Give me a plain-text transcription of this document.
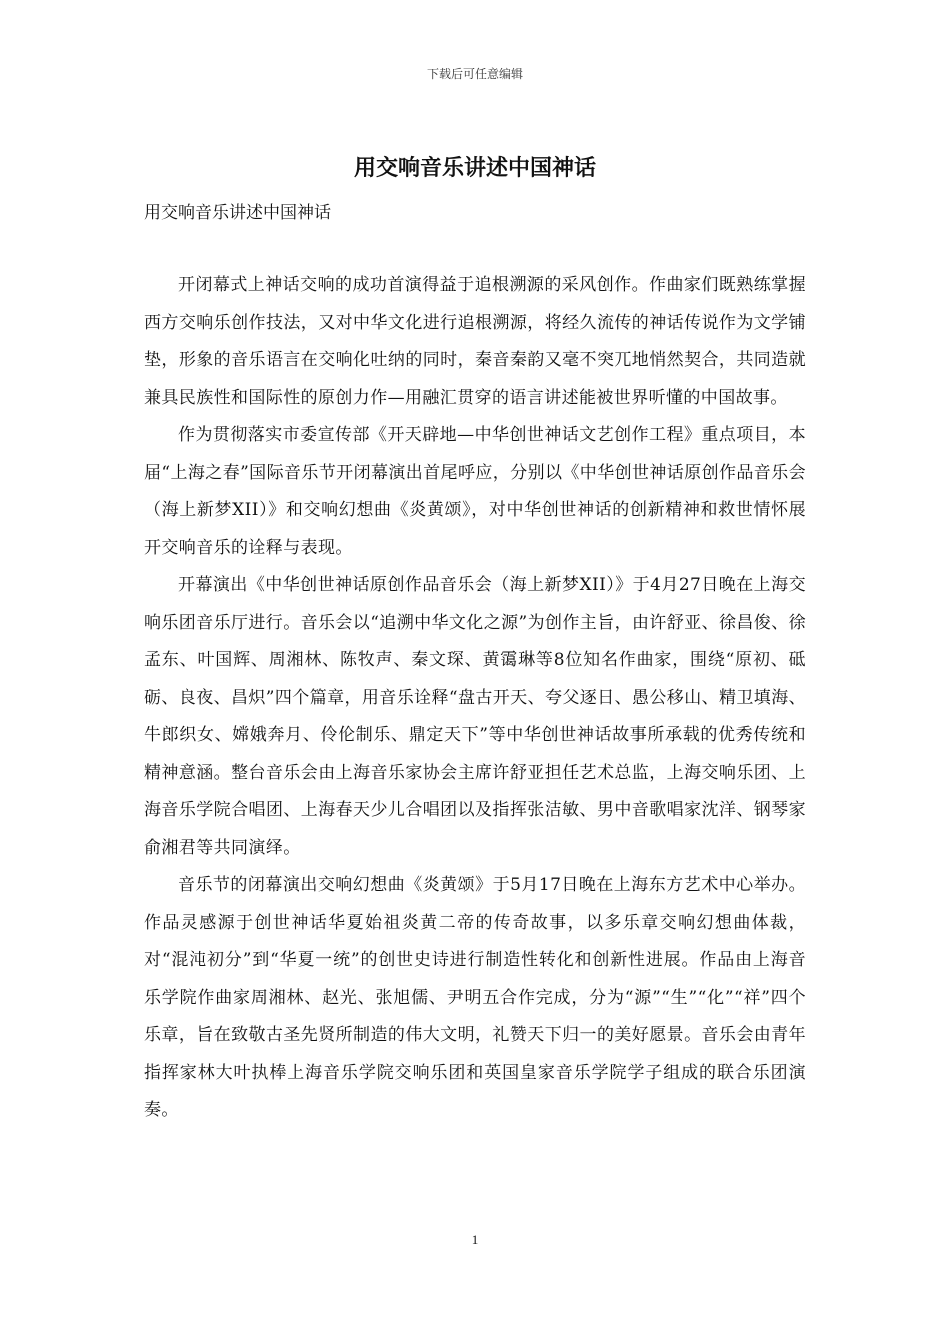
下载后可任意编辑
用交响音乐讲述中国神话
用交响音乐讲述中国神话

开闭幕式上神话交响的成功首演得益于追根溯源的采风创作。作曲家们既熟练掌握西方交响乐创作技法，又对中华文化进行追根溯源，将经久流传的神话传说作为文学铺垫，形象的音乐语言在交响化吐纳的同时，秦音秦韵又毫不突兀地悄然契合，共同造就兼具民族性和国际性的原创力作—用融汇贯穿的语言讲述能被世界听懂的中国故事。

作为贯彻落实市委宣传部《开天辟地—中华创世神话文艺创作工程》重点项目，本届“上海之春”国际音乐节开闭幕演出首尾呼应，分别以《中华创世神话原创作品音乐会（海上新梦XII）》和交响幻想曲《炎黄颂》，对中华创世神话的创新精神和救世情怀展开交响音乐的诠释与表现。

开幕演出《中华创世神话原创作品音乐会（海上新梦XII）》于4月27日晚在上海交响乐团音乐厅进行。音乐会以“追溯中华文化之源”为创作主旨，由许舒亚、徐昌俊、徐孟东、叶国辉、周湘林、陈牧声、秦文琛、黄霭琳等8位知名作曲家，围绕“原初、砥砺、良夜、昌炽”四个篇章，用音乐诠释“盘古开天、夸父逐日、愚公移山、精卫填海、牛郎织女、嫦娥奔月、伶伦制乐、鼎定天下”等中华创世神话故事所承载的优秀传统和精神意涵。整台音乐会由上海音乐家协会主席许舒亚担任艺术总监，上海交响乐团、上海音乐学院合唱团、上海春天少儿合唱团以及指挥张洁敏、男中音歌唱家沈洋、钢琴家俞湘君等共同演绎。

音乐节的闭幕演出交响幻想曲《炎黄颂》于5月17日晚在上海东方艺术中心举办。作品灵感源于创世神话华夏始祖炎黄二帝的传奇故事，以多乐章交响幻想曲体裁，对“混沌初分”到“华夏一统”的创世史诗进行制造性转化和创新性进展。作品由上海音乐学院作曲家周湘林、赵光、张旭儒、尹明五合作完成，分为“源”“生”“化”“祥”四个乐章，旨在致敬古圣先贤所制造的伟大文明，礼赞天下归一的美好愿景。音乐会由青年指挥家林大叶执棒上海音乐学院交响乐团和英国皇家音乐学院学子组成的联合乐团演奏。

1
